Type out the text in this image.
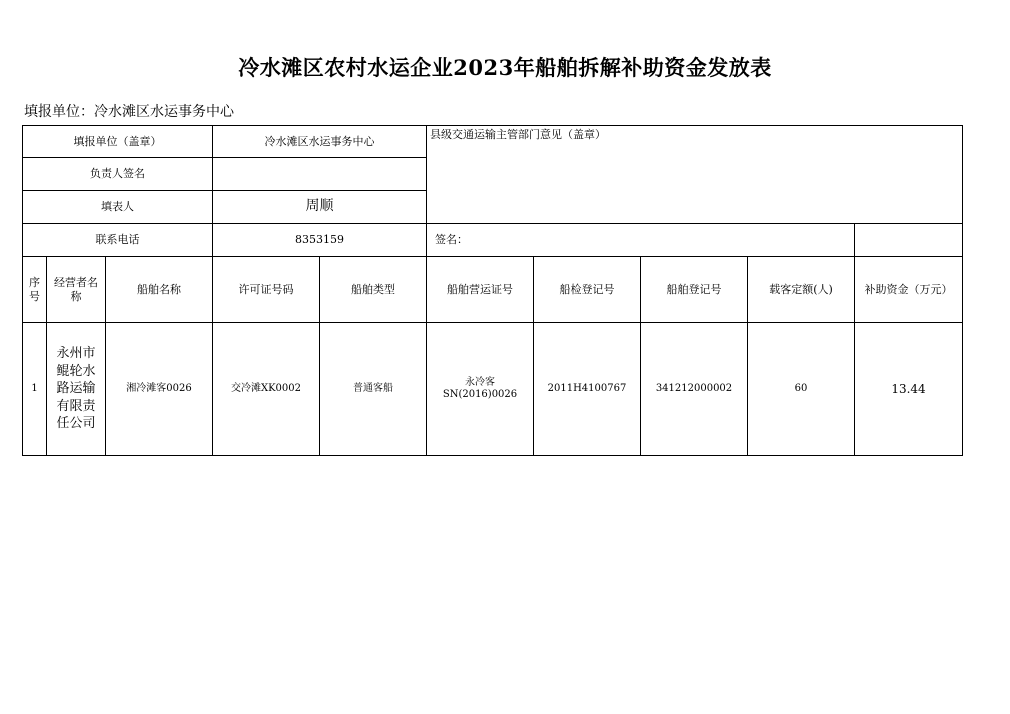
冷水滩区农村水运企业2023年船舶拆解补助资金发放表
填报单位：冷水滩区水运事务中心
填报单位（盖章）			冷水滩区水运事务中心		县级交通运输主管部门意见（盖章）				
负责人签名									
填表人			周顺						
联系电话			8353159		签名：				
序号	经营者名称	船舶名称	许可证号码	船舶类型	船舶营运证号	船检登记号	船舶登记号	载客定额(人)	补助资金（万元）
1	永州市鲲轮水路运输有限责任公司	湘冷滩客0026	交冷滩XK0002	普通客船	永冷客SN(2016)0026	2011H4100767	341212000002	60	13.44
